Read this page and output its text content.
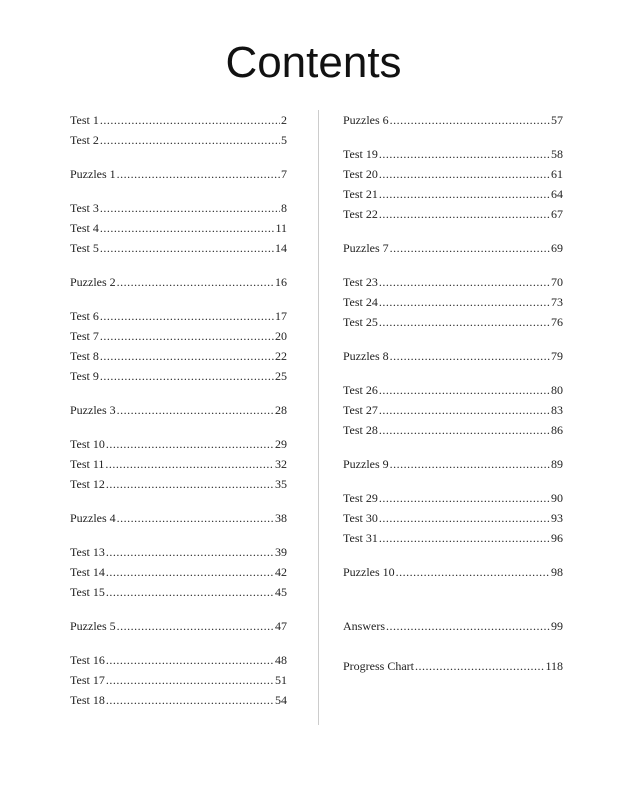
Contents
Test 1 .....	2
Test 2 .....	5
Puzzles 1 .....	7
Test 3 .....	8
Test 4 .....	11
Test 5 .....	14
Puzzles 2 .....	16
Test 6 .....	17
Test 7 .....	20
Test 8 .....	22
Test 9 .....	25
Puzzles 3 .....	28
Test 10 .....	29
Test 11 .....	32
Test 12 .....	35
Puzzles 4 .....	38
Test 13 .....	39
Test 14 .....	42
Test 15 .....	45
Puzzles 5 .....	47
Test 16 .....	48
Test 17 .....	51
Test 18 .....	54
Puzzles 6 .....	57
Test 19 .....	58
Test 20 .....	61
Test 21 .....	64
Test 22 .....	67
Puzzles 7 .....	69
Test 23 .....	70
Test 24 .....	73
Test 25 .....	76
Puzzles 8 .....	79
Test 26 .....	80
Test 27 .....	83
Test 28 .....	86
Puzzles 9 .....	89
Test 29 .....	90
Test 30 .....	93
Test 31 .....	96
Puzzles 10 .....	98
Answers .....	99
Progress Chart .....	118
